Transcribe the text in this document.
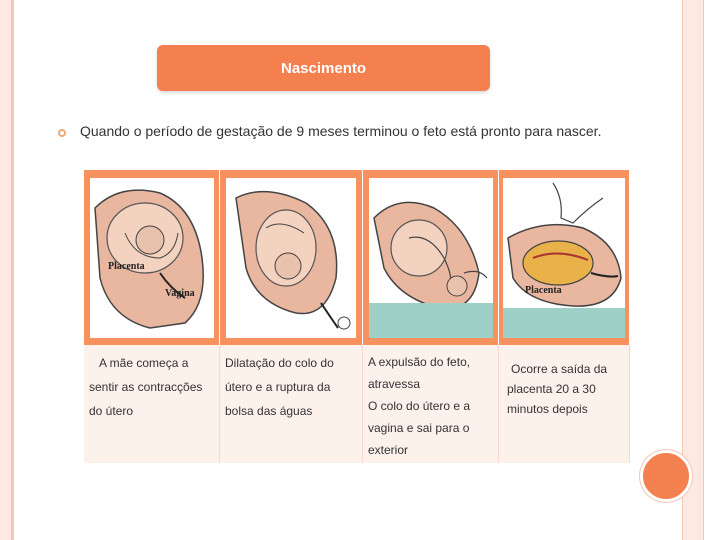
Nascimento
Quando o período de gestação de 9 meses terminou o feto está pronto para nascer.
Placenta
Vagina	Placenta
A mãe começa a
sentir as contracções
do útero
Dilatação do colo do
útero e a ruptura da
bolsa das águas
A expulsão do feto,
atravessa
O colo do útero e a
vagina e sai para o
exterior
Ocorre a saída da
placenta 20 a 30
minutos depois
